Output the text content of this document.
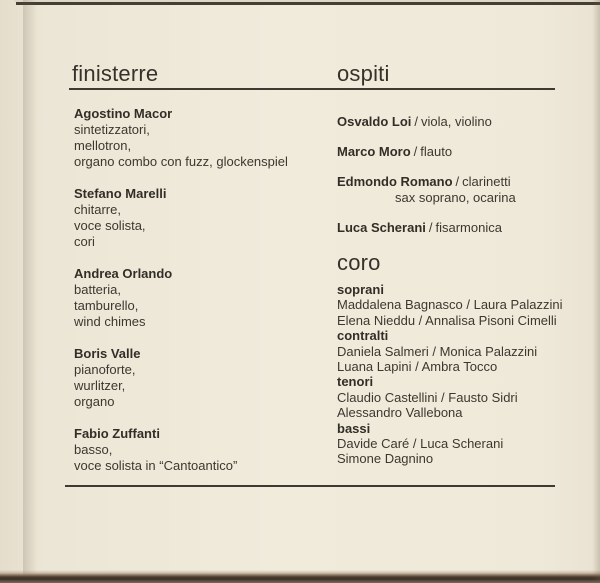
finisterre	ospiti
Agostino Macor
sintetizzatori,
mellotron,
organo combo con fuzz, glockenspiel
Stefano Marelli
chitarre,
voce solista,
cori
Andrea Orlando
batteria,
tamburello,
wind chimes
Boris Valle
pianoforte,
wurlitzer,
organo
Fabio Zuffanti
basso,
voce solista in “Cantoantico”
Osvaldo Loi / viola, violino
Marco Moro / flauto
Edmondo Romano / clarinetti
sax soprano, ocarina
Luca Scherani / fisarmonica
coro
soprani
Maddalena Bagnasco / Laura Palazzini
Elena Nieddu / Annalisa Pisoni Cimelli
contralti
Daniela Salmeri / Monica Palazzini
Luana Lapini / Ambra Tocco
tenori
Claudio Castellini / Fausto Sidri
Alessandro Vallebona
bassi
Davide Caré / Luca Scherani
Simone Dagnino
